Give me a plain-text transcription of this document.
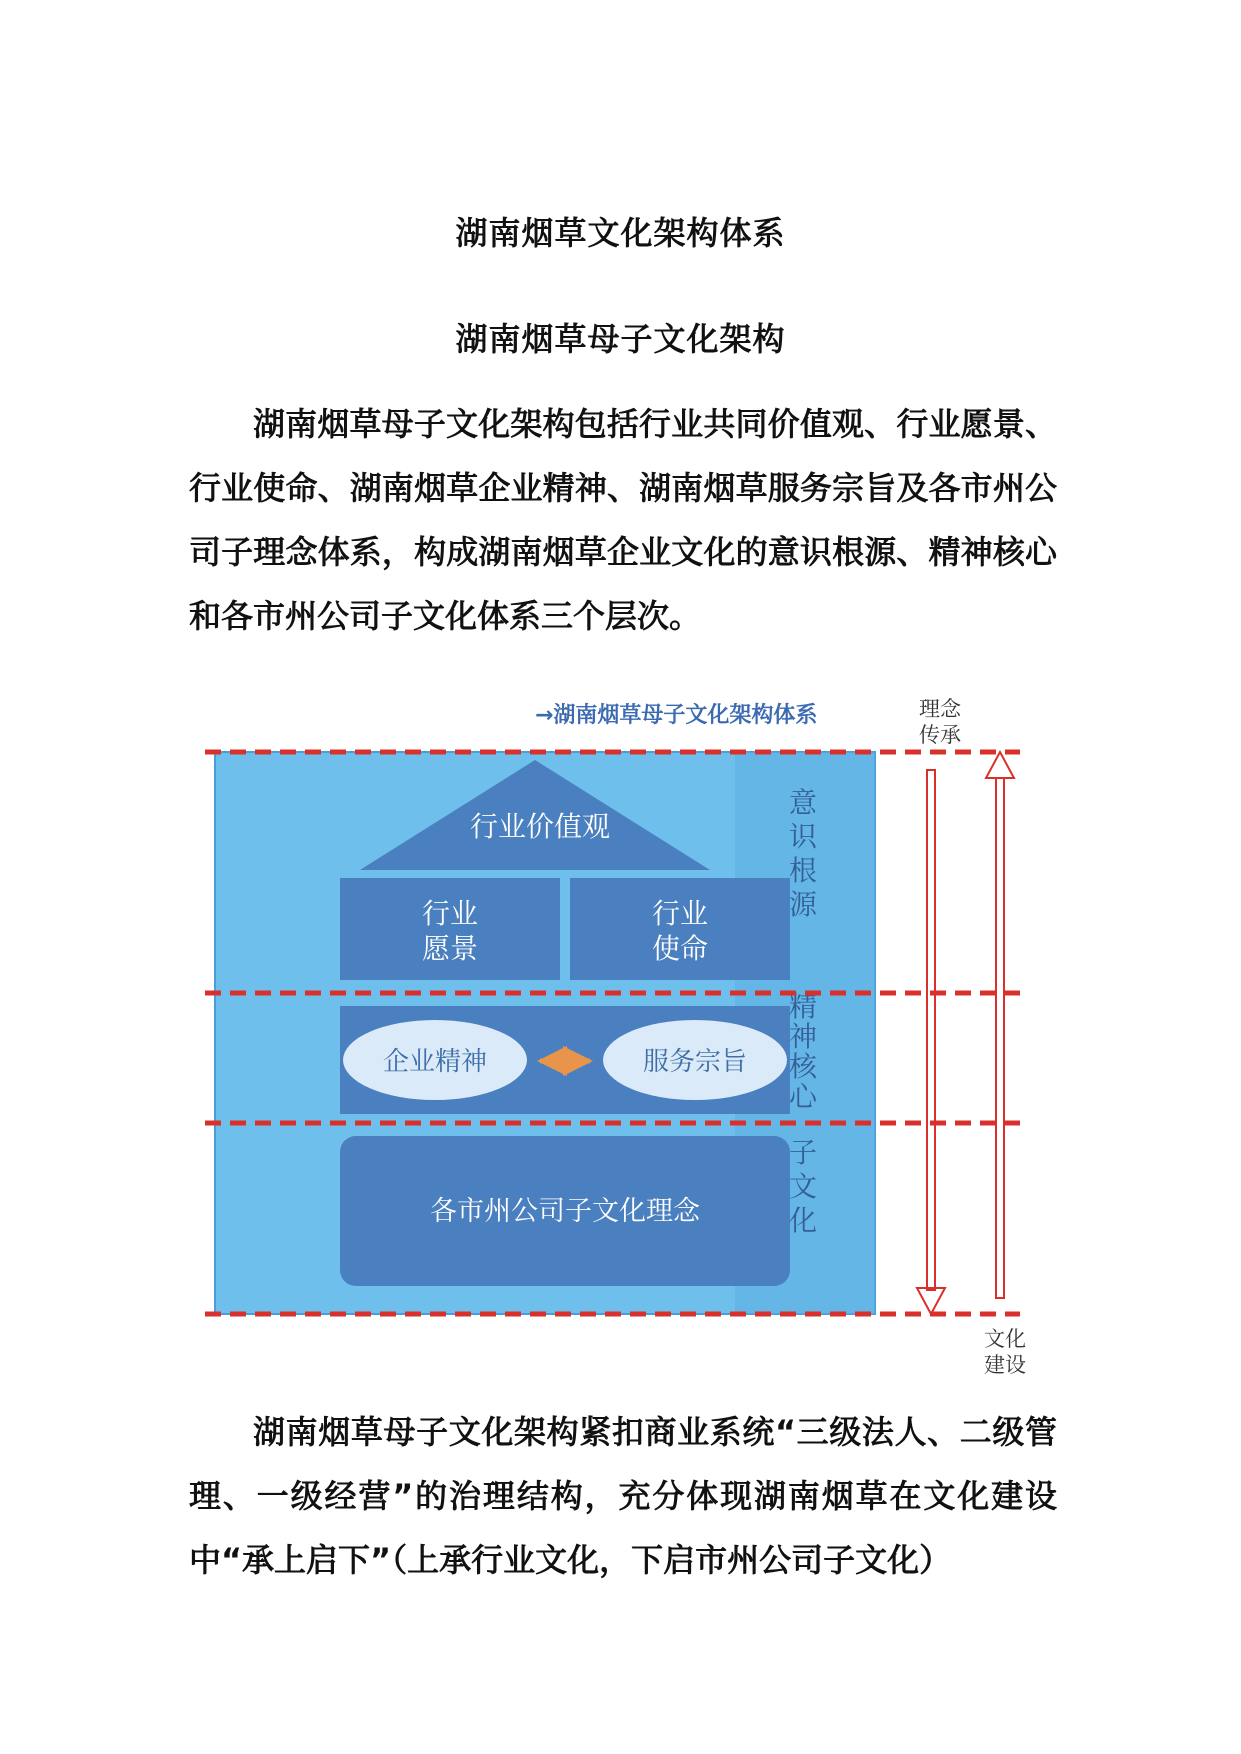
湖南烟草文化架构体系
湖南烟草母子文化架构

湖南烟草母子文化架构包括行业共同价值观、行业愿景、行业使命、湖南烟草企业精神、湖南烟草服务宗旨及各市州公司子理念体系，构成湖南烟草企业文化的意识根源、精神核心和各市州公司子文化体系三个层次。

→湖南烟草母子文化架构体系
行业价值观
行业
愿景
行业
使命
企业精神	服务宗旨
各市州公司子文化理念
意
识
根
源
精
神
核
心
子
文
化
理念
传承
文化
建设

湖南烟草母子文化架构紧扣商业系统“三级法人、二级管理、一级经营”的治理结构，充分体现湖南烟草在文化建设中“承上启下”（上承行业文化，下启市州公司子文化）
